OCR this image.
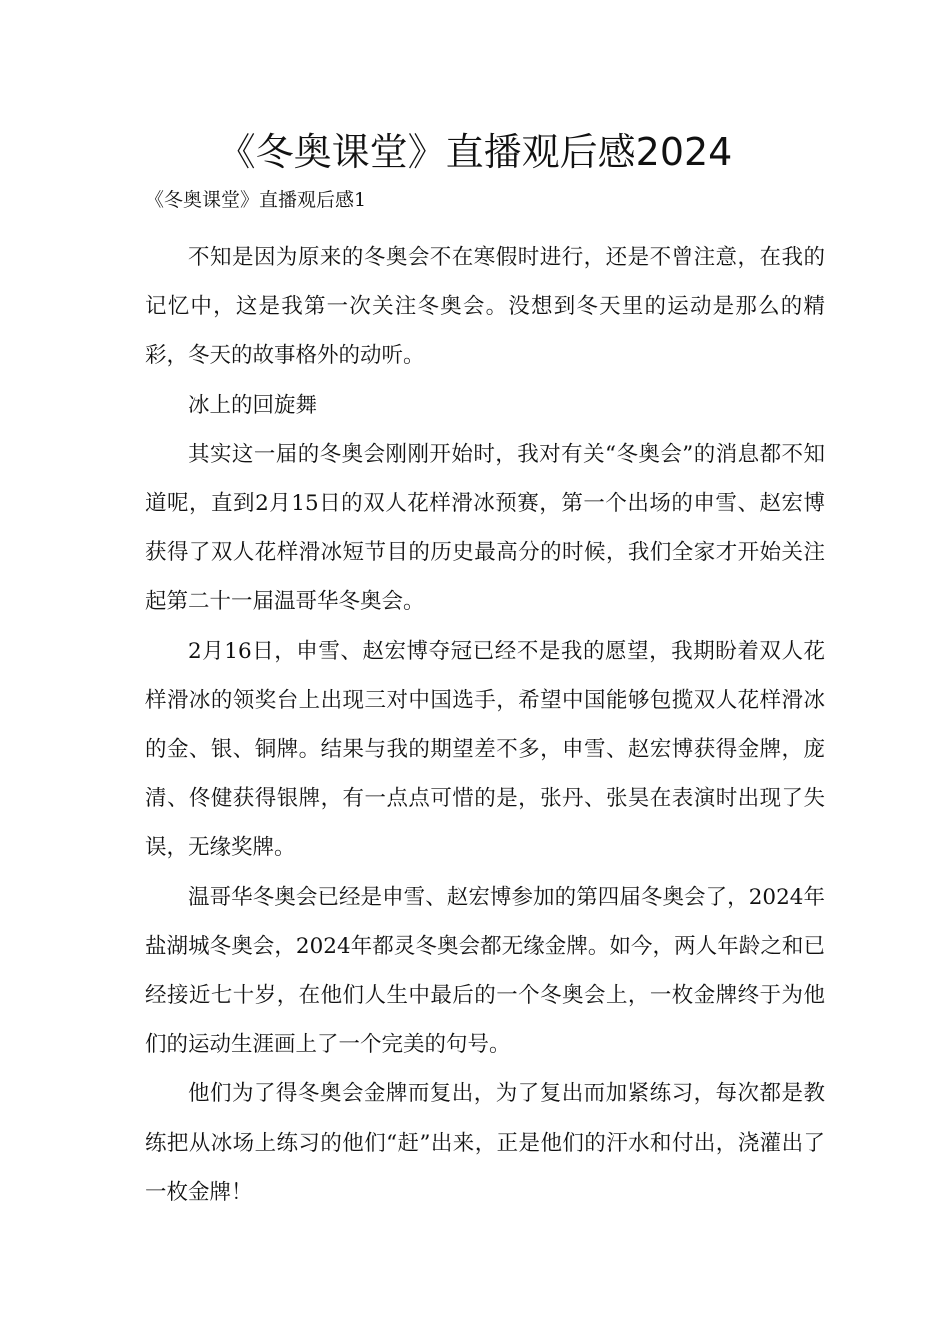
《冬奥课堂》直播观后感2024

《冬奥课堂》直播观后感1

不知是因为原来的冬奥会不在寒假时进行，还是不曾注意，在我的记忆中，这是我第一次关注冬奥会。没想到冬天里的运动是那么的精彩，冬天的故事格外的动听。

冰上的回旋舞

其实这一届的冬奥会刚刚开始时，我对有关“冬奥会”的消息都不知道呢，直到2月15日的双人花样滑冰预赛，第一个出场的申雪、赵宏博获得了双人花样滑冰短节目的历史最高分的时候，我们全家才开始关注起第二十一届温哥华冬奥会。

2月16日，申雪、赵宏博夺冠已经不是我的愿望，我期盼着双人花样滑冰的领奖台上出现三对中国选手，希望中国能够包揽双人花样滑冰的金、银、铜牌。结果与我的期望差不多，申雪、赵宏博获得金牌，庞清、佟健获得银牌，有一点点可惜的是，张丹、张昊在表演时出现了失误，无缘奖牌。

温哥华冬奥会已经是申雪、赵宏博参加的第四届冬奥会了，2024年盐湖城冬奥会，2024年都灵冬奥会都无缘金牌。如今，两人年龄之和已经接近七十岁，在他们人生中最后的一个冬奥会上，一枚金牌终于为他们的运动生涯画上了一个完美的句号。

他们为了得冬奥会金牌而复出，为了复出而加紧练习，每次都是教练把从冰场上练习的他们“赶”出来，正是他们的汗水和付出，浇灌出了一枚金牌！
